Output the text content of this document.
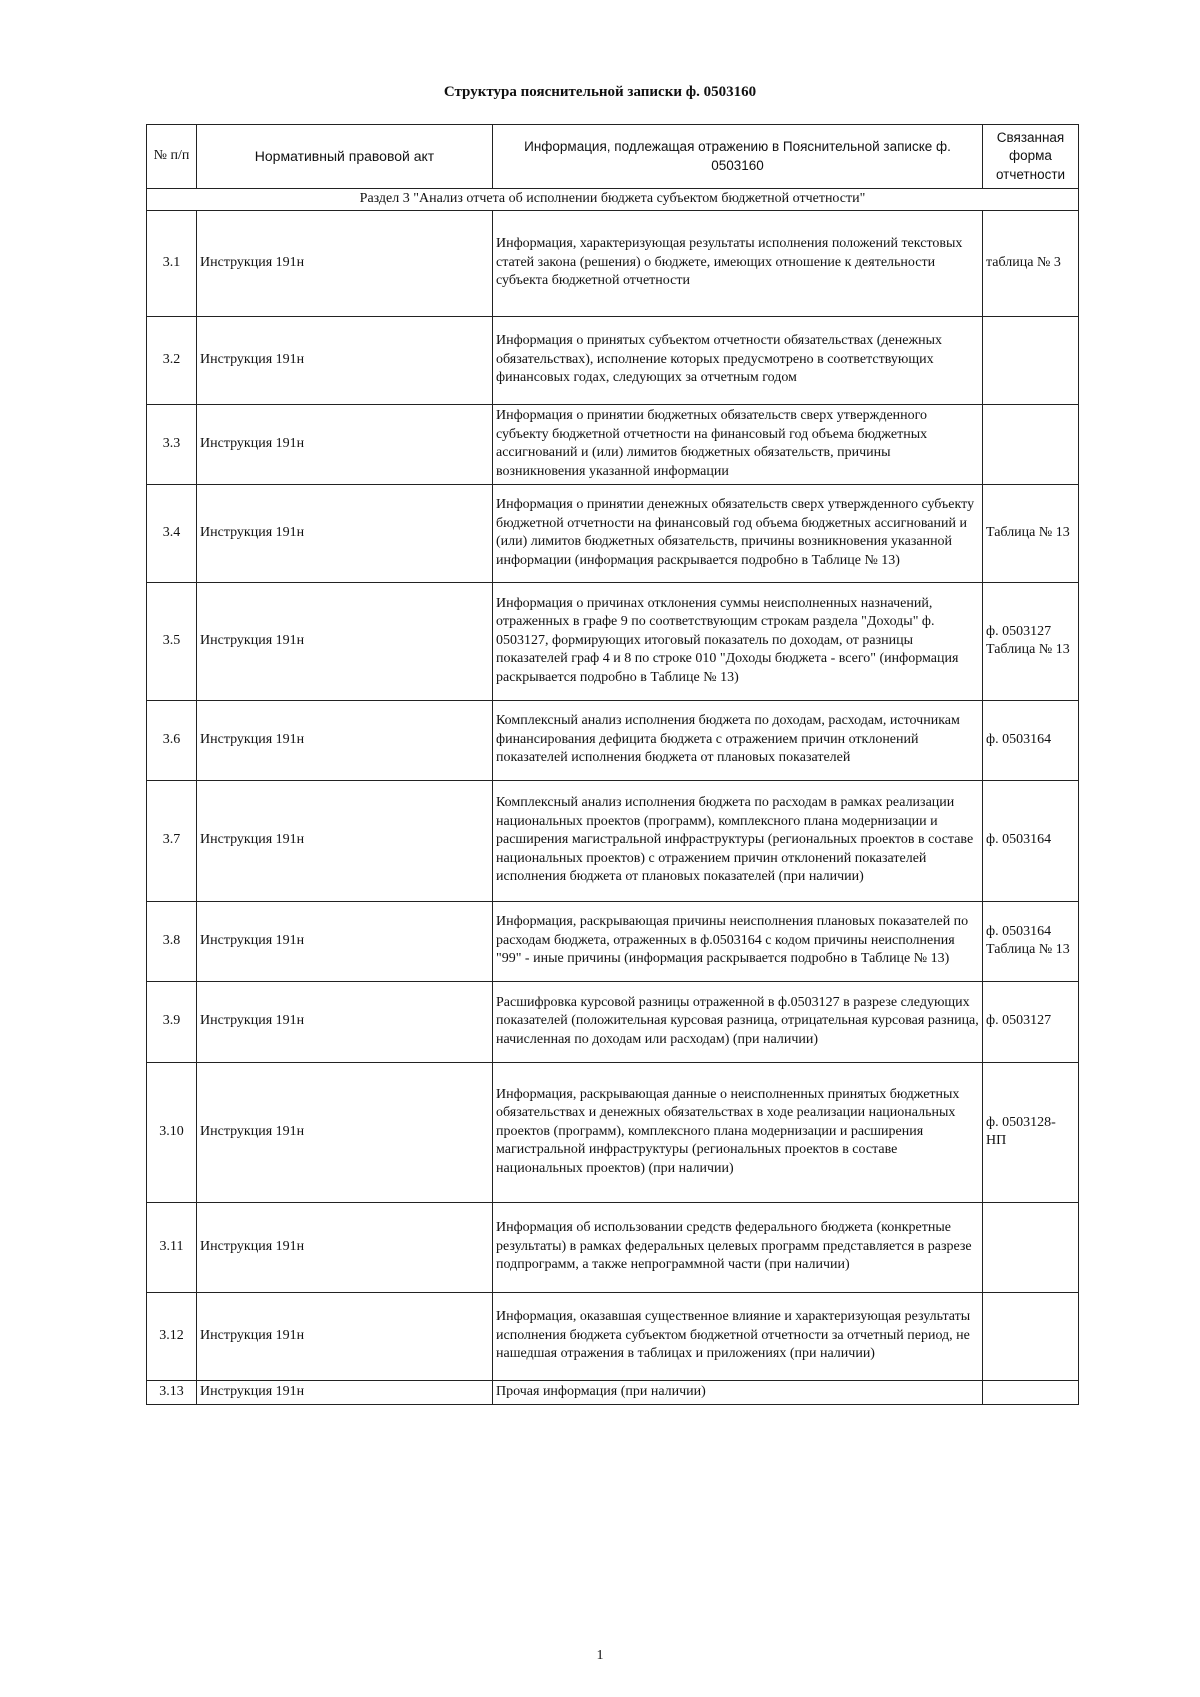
Структура пояснительной записки ф. 0503160
№ п/п	Нормативный правовой акт	Информация, подлежащая отражению в Пояснительной записке ф. 0503160	Связанная форма отчетности
Раздел 3 "Анализ отчета об исполнении бюджета субъектом бюджетной отчетности"			
3.1	Инструкция 191н	Информация, характеризующая результаты исполнения положений текстовых статей закона (решения) о бюджете, имеющих отношение к деятельности субъекта бюджетной отчетности	таблица № 3
3.2	Инструкция 191н	Информация о принятых субъектом отчетности обязательствах (денежных обязательствах), исполнение которых предусмотрено в соответствующих финансовых годах, следующих за отчетным годом	
3.3	Инструкция 191н	Информация о принятии бюджетных обязательств сверх утвержденного субъекту бюджетной отчетности на финансовый год объема бюджетных ассигнований и (или) лимитов бюджетных обязательств, причины возникновения указанной информации	
3.4	Инструкция 191н	Информация о принятии денежных обязательств сверх утвержденного субъекту бюджетной отчетности на финансовый год объема бюджетных ассигнований и (или) лимитов бюджетных обязательств, причины возникновения указанной информации (информация раскрывается подробно в Таблице № 13)	Таблица № 13
3.5	Инструкция 191н	Информация о причинах отклонения суммы неисполненных назначений, отраженных в графе 9 по соответствующим строкам раздела "Доходы" ф. 0503127, формирующих итоговый показатель по доходам, от разницы показателей граф 4 и 8 по строке 010 "Доходы бюджета - всего" (информация раскрывается подробно в Таблице № 13)	ф. 0503127 Таблица № 13
3.6	Инструкция 191н	Комплексный анализ исполнения бюджета по доходам, расходам, источникам финансирования дефицита бюджета с отражением причин отклонений показателей исполнения бюджета от плановых показателей	ф. 0503164
3.7	Инструкция 191н	Комплексный анализ исполнения бюджета по расходам в рамках реализации национальных проектов (программ), комплексного плана модернизации и расширения магистральной инфраструктуры (региональных проектов в составе национальных проектов) с отражением причин отклонений показателей исполнения бюджета от плановых показателей (при наличии)	ф. 0503164
3.8	Инструкция 191н	Информация, раскрывающая причины неисполнения плановых показателей по расходам бюджета, отраженных в ф.0503164 с кодом причины неисполнения "99" - иные причины (информация раскрывается подробно в Таблице № 13)	ф. 0503164 Таблица № 13
3.9	Инструкция 191н	Расшифровка курсовой разницы отраженной в ф.0503127 в разрезе следующих показателей (положительная курсовая разница, отрицательная курсовая разница, начисленная по доходам или расходам) (при наличии)	ф. 0503127
3.10	Инструкция 191н	Информация, раскрывающая данные о неисполненных принятых бюджетных обязательствах и денежных обязательствах в ходе реализации национальных проектов (программ), комплексного плана модернизации и расширения магистральной инфраструктуры (региональных проектов в составе национальных проектов) (при наличии)	ф. 0503128-НП
3.11	Инструкция 191н	Информация об использовании средств федерального бюджета (конкретные результаты) в рамках федеральных целевых программ представляется в разрезе подпрограмм, а также непрограммной части (при наличии)	
3.12	Инструкция 191н	Информация, оказавшая существенное влияние и характеризующая результаты исполнения бюджета субъектом бюджетной отчетности за отчетный период, не нашедшая отражения в таблицах и приложениях (при наличии)	
3.13	Инструкция 191н	Прочая информация (при наличии)	
1
